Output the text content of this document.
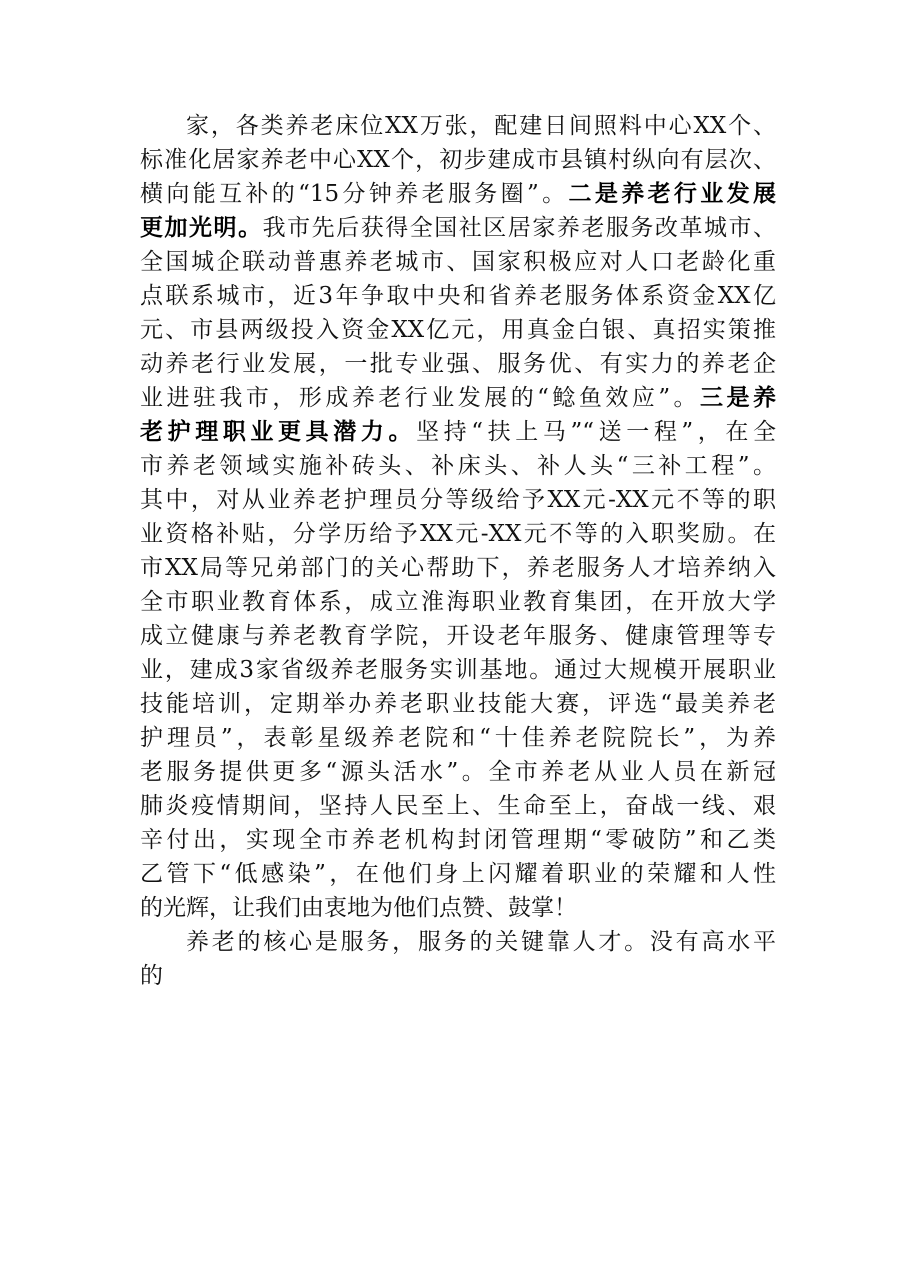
家，各类养老床位XX万张，配建日间照料中心XX个、
标准化居家养老中心XX个，初步建成市县镇村纵向有层次、
横向能互补的“15分钟养老服务圈”。二是养老行业发展
更加光明。我市先后获得全国社区居家养老服务改革城市、
全国城企联动普惠养老城市、国家积极应对人口老龄化重
点联系城市，近3年争取中央和省养老服务体系资金XX亿
元、市县两级投入资金XX亿元，用真金白银、真招实策推
动养老行业发展，一批专业强、服务优、有实力的养老企
业进驻我市，形成养老行业发展的“鲶鱼效应”。三是养
老护理职业更具潜力。坚持“扶上马”“送一程”，在全
市养老领域实施补砖头、补床头、补人头“三补工程”。
其中，对从业养老护理员分等级给予XX元-XX元不等的职
业资格补贴，分学历给予XX元-XX元不等的入职奖励。在
市XX局等兄弟部门的关心帮助下，养老服务人才培养纳入
全市职业教育体系，成立淮海职业教育集团，在开放大学
成立健康与养老教育学院，开设老年服务、健康管理等专
业，建成3家省级养老服务实训基地。通过大规模开展职业
技能培训，定期举办养老职业技能大赛，评选“最美养老
护理员”，表彰星级养老院和“十佳养老院院长”，为养
老服务提供更多“源头活水”。全市养老从业人员在新冠
肺炎疫情期间，坚持人民至上、生命至上，奋战一线、艰
辛付出，实现全市养老机构封闭管理期“零破防”和乙类
乙管下“低感染”，在他们身上闪耀着职业的荣耀和人性
的光辉，让我们由衷地为他们点赞、鼓掌！
养老的核心是服务，服务的关键靠人才。没有高水平
的
